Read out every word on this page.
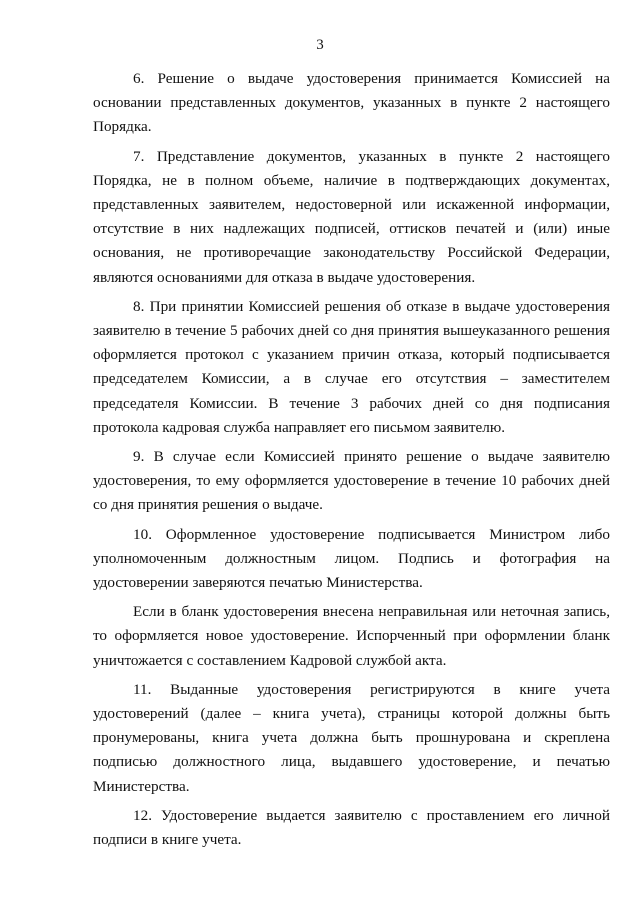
3

6. Решение о выдаче удостоверения принимается Комиссией на основании представленных документов, указанных в пункте 2 настоящего Порядка.

7. Представление документов, указанных в пункте 2 настоящего Порядка, не в полном объеме, наличие в подтверждающих документах, представленных заявителем, недостоверной или искаженной информации, отсутствие в них надлежащих подписей, оттисков печатей и (или) иные основания, не противоречащие законодательству Российской Федерации, являются основаниями для отказа в выдаче удостоверения.

8. При принятии Комиссией решения об отказе в выдаче удостоверения заявителю в течение 5 рабочих дней со дня принятия вышеуказанного решения оформляется протокол с указанием причин отказа, который подписывается председателем Комиссии, а в случае его отсутствия – заместителем председателя Комиссии. В течение 3 рабочих дней со дня подписания протокола кадровая служба направляет его письмом заявителю.

9. В случае если Комиссией принято решение о выдаче заявителю удостоверения, то ему оформляется удостоверение в течение 10 рабочих дней со дня принятия решения о выдаче.

10. Оформленное удостоверение подписывается Министром либо уполномоченным должностным лицом. Подпись и фотография на удостоверении заверяются печатью Министерства.

Если в бланк удостоверения внесена неправильная или неточная запись, то оформляется новое удостоверение. Испорченный при оформлении бланк уничтожается с составлением Кадровой службой акта.

11. Выданные удостоверения регистрируются в книге учета удостоверений (далее – книга учета), страницы которой должны быть пронумерованы, книга учета должна быть прошнурована и скреплена подписью должностного лица, выдавшего удостоверение, и печатью Министерства.

12. Удостоверение выдается заявителю с проставлением его личной подписи в книге учета.
